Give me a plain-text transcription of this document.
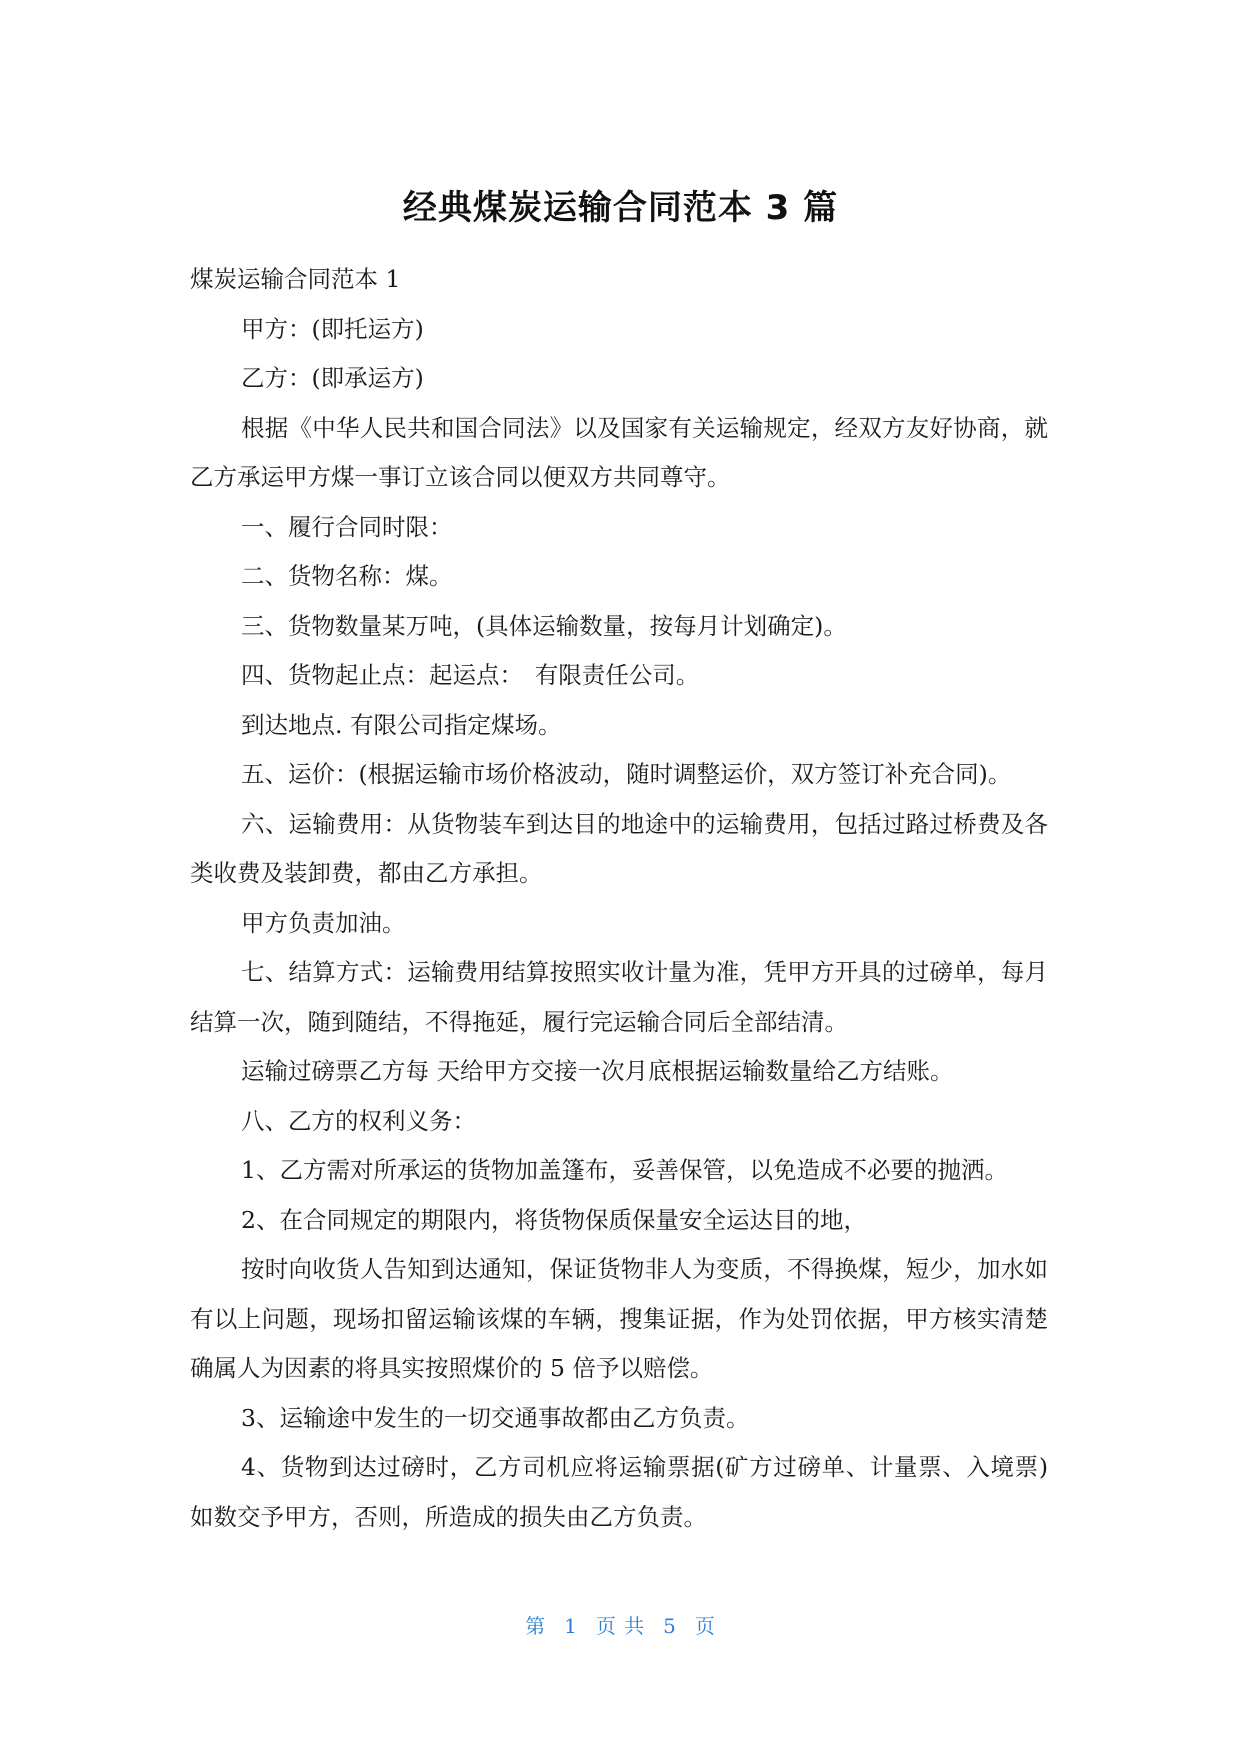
经典煤炭运输合同范本 3 篇

煤炭运输合同范本 1

甲方：(即托运方)

乙方：(即承运方)

根据《中华人民共和国合同法》以及国家有关运输规定，经双方友好协商，就乙方承运甲方煤一事订立该合同以便双方共同尊守。

一、履行合同时限：

二、货物名称：煤。

三、货物数量某万吨，(具体运输数量，按每月计划确定)。

四、货物起止点：起运点：　有限责任公司。

到达地点. 有限公司指定煤场。

五、运价：(根据运输市场价格波动，随时调整运价，双方签订补充合同)。

六、运输费用：从货物装车到达目的地途中的运输费用，包括过路过桥费及各类收费及装卸费，都由乙方承担。

甲方负责加油。

七、结算方式：运输费用结算按照实收计量为准，凭甲方开具的过磅单，每月结算一次，随到随结，不得拖延，履行完运输合同后全部结清。

运输过磅票乙方每 天给甲方交接一次月底根据运输数量给乙方结账。

八、乙方的权利义务：

1、乙方需对所承运的货物加盖篷布，妥善保管，以免造成不必要的抛洒。

2、在合同规定的期限内，将货物保质保量安全运达目的地，

按时向收货人告知到达通知，保证货物非人为变质，不得换煤，短少，加水如有以上问题，现场扣留运输该煤的车辆，搜集证据，作为处罚依据，甲方核实清楚确属人为因素的将具实按照煤价的 5 倍予以赔偿。

3、运输途中发生的一切交通事故都由乙方负责。

4、货物到达过磅时，乙方司机应将运输票据(矿方过磅单、计量票、入境票)如数交予甲方，否则，所造成的损失由乙方负责。

第 1 页 共 5 页
